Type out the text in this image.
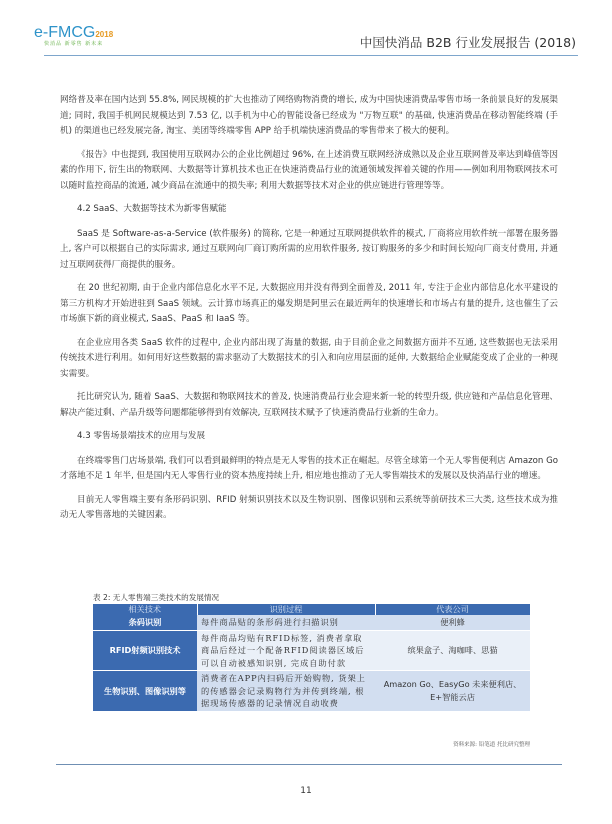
e-FMCG2018
快消品 新零售 新未来	中国快消品 B2B 行业发展报告 (2018)

网络普及率在国内达到 55.8%, 网民规模的扩大也推动了网络购物消费的增长, 成为中国快速消费品零售市场一条前景良好的发展渠道; 同时, 我国手机网民规模达到 7.53 亿, 以手机为中心的智能设备已经成为 "万物互联" 的基础, 快速消费品在移动智能终端 (手机) 的渠道也已经发展完备, 淘宝、美团等终端零售 APP 给手机端快速消费品的零售带来了极大的便利。

《报告》中也提到, 我国使用互联网办公的企业比例超过 96%, 在上述消费互联网经济成熟以及企业互联网普及率达到峰值等因素的作用下, 衍生出的物联网、大数据等计算机技术也正在快速消费品行业的流通领域发挥着关键的作用——例如利用物联网技术可以随时监控商品的流通, 减少商品在流通中的损失率; 利用大数据等技术对企业的供应链进行管理等等。

4.2 SaaS、大数据等技术为新零售赋能

SaaS 是 Software-as-a-Service (软件服务) 的简称, 它是一种通过互联网提供软件的模式, 厂商将应用软件统一部署在服务器上, 客户可以根据自己的实际需求, 通过互联网向厂商订购所需的应用软件服务, 按订购服务的多少和时间长短向厂商支付费用, 并通过互联网获得厂商提供的服务。

在 20 世纪初期, 由于企业内部信息化水平不足, 大数据应用并没有得到全面普及, 2011 年, 专注于企业内部信息化水平建设的第三方机构才开始进驻到 SaaS 领域。云计算市场真正的爆发期是阿里云在最近两年的快速增长和市场占有量的提升, 这也催生了云市场旗下新的商业模式, SaaS、PaaS 和 IaaS 等。

在企业应用各类 SaaS 软件的过程中, 企业内部出现了海量的数据, 由于目前企业之间数据方面并不互通, 这些数据也无法采用传统技术进行利用。如何用好这些数据的需求驱动了大数据技术的引入和向应用层面的延伸, 大数据给企业赋能变成了企业的一种现实需要。

托比研究认为, 随着 SaaS、大数据和物联网技术的普及, 快速消费品行业会迎来新一轮的转型升级, 供应链和产品信息化管理、解决产能过剩、产品升级等问题都能够得到有效解决, 互联网技术赋予了快速消费品行业新的生命力。

4.3 零售场景端技术的应用与发展

在终端零售门店场景端, 我们可以看到最鲜明的特点是无人零售的技术正在崛起。尽管全球第一个无人零售便利店 Amazon Go 才落地不足 1 年半, 但是国内无人零售行业的资本热度持续上升, 相应地也推动了无人零售端技术的发展以及快消品行业的增速。

目前无人零售端主要有条形码识别、RFID 射频识别技术以及生物识别、图像识别和云系统等前研技术三大类, 这些技术成为推动无人零售落地的关键因素。

表 2: 无人零售端三类技术的发展情况
相关技术	识别过程	代表公司
条码识别	每件商品贴的条形码进行扫描识别	便利蜂
RFID射频识别技术	每件商品均贴有RFID标签, 消费者拿取商品后经过一个配备RFID阅读器区域后可以自动被感知识别, 完成自助付款	缤果盒子、淘咖啡、思猫
生物识别、图像识别等	消费者在APP内扫码后开始购物, 货架上的传感器会记录购物行为并传到终端, 根据现场传感器的记录情况自动收费	Amazon Go、EasyGo 未来便利店、E+智能云店
资料来源: 铅笔道 托比研究整理
11
